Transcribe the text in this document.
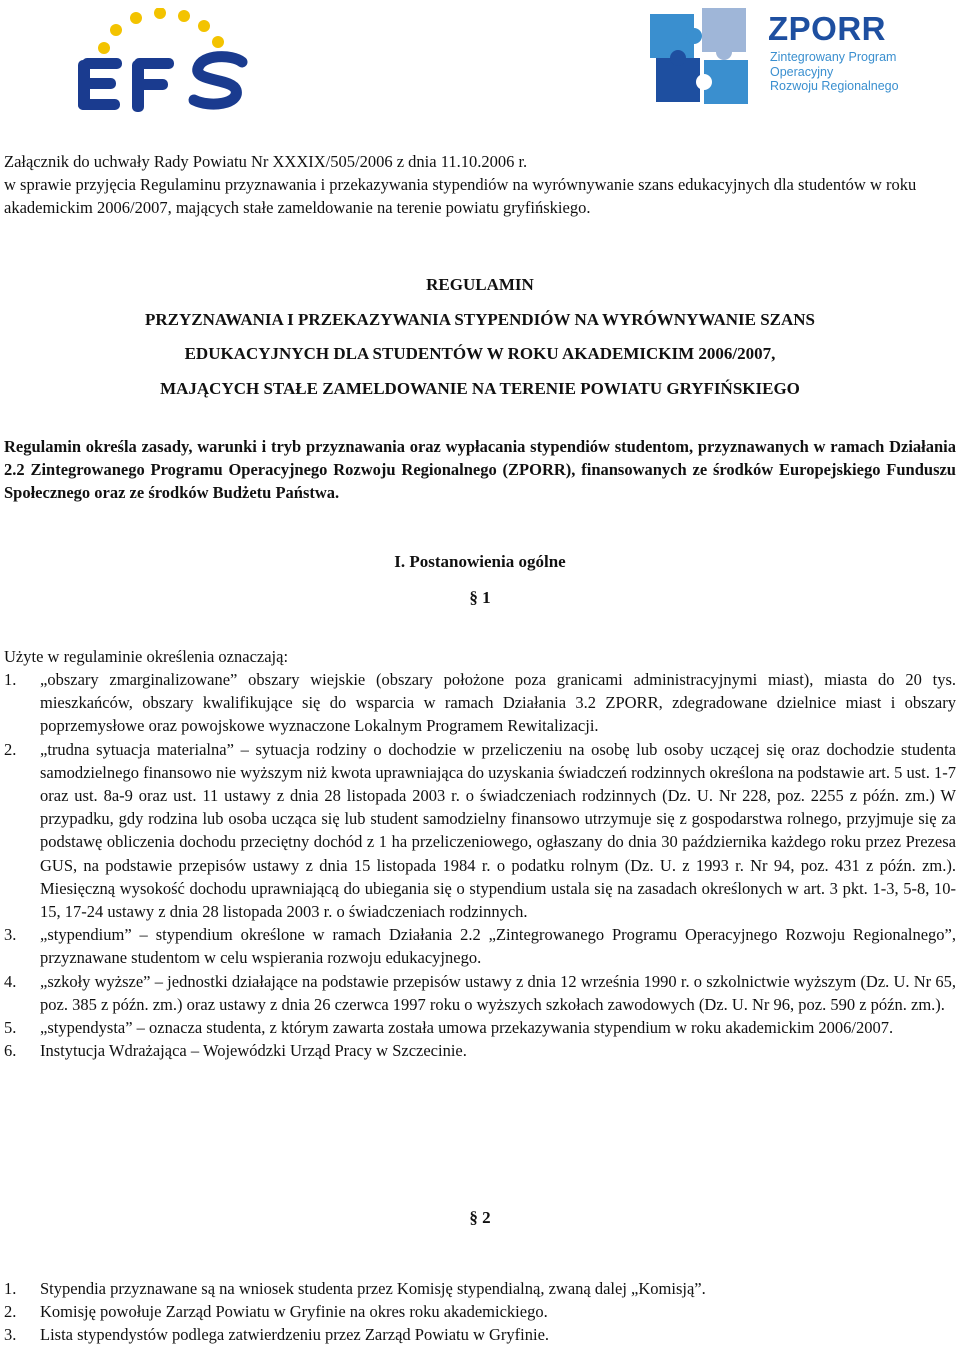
ZPORR
Zintegrowany Program
Operacyjny
Rozwoju Regionalnego

Załącznik do uchwały Rady Powiatu Nr XXXIX/505/2006 z dnia 11.10.2006 r.

w sprawie przyjęcia Regulaminu przyznawania i przekazywania stypendiów na wyrównywanie szans edukacyjnych dla studentów w roku akademickim 2006/2007, mających stałe zameldowanie na terenie powiatu gryfińskiego.

REGULAMIN
PRZYZNAWANIA I PRZEKAZYWANIA STYPENDIÓW NA WYRÓWNYWANIE SZANS
EDUKACYJNYCH DLA STUDENTÓW W ROKU AKADEMICKIM 2006/2007,
MAJĄCYCH STAŁE ZAMELDOWANIE NA TERENIE POWIATU GRYFIŃSKIEGO
Regulamin określa zasady, warunki i tryb przyznawania oraz wypłacania stypendiów studentom, przyznawanych w ramach Działania 2.2 Zintegrowanego Programu Operacyjnego Rozwoju Regionalnego (ZPORR), finansowanych ze środków Europejskiego Funduszu Społecznego oraz ze środków Budżetu Państwa.
I. Postanowienia ogólne
§ 1
Użyte w regulaminie określenia oznaczają:
1. „obszary zmarginalizowane” obszary wiejskie (obszary położone poza granicami administracyjnymi miast), miasta do 20 tys. mieszkańców, obszary kwalifikujące się do wsparcia w ramach Działania 3.2 ZPORR, zdegradowane dzielnice miast i obszary poprzemysłowe oraz powojskowe wyznaczone Lokalnym Programem Rewitalizacji.
2. „trudna sytuacja materialna” – sytuacja rodziny o dochodzie w przeliczeniu na osobę lub osoby uczącej się oraz dochodzie studenta samodzielnego finansowo nie wyższym niż kwota uprawniająca do uzyskania świadczeń rodzinnych określona na podstawie art. 5 ust. 1-7 oraz ust. 8a-9 oraz ust. 11 ustawy z dnia 28 listopada 2003 r. o świadczeniach rodzinnych (Dz. U. Nr 228, poz. 2255 z późn. zm.) W przypadku, gdy rodzina lub osoba ucząca się lub student samodzielny finansowo utrzymuje się z gospodarstwa rolnego, przyjmuje się za podstawę obliczenia dochodu przeciętny dochód z 1 ha przeliczeniowego, ogłaszany do dnia 30 października każdego roku przez Prezesa GUS, na podstawie przepisów ustawy z dnia 15 listopada 1984 r. o podatku rolnym (Dz. U. z 1993 r. Nr 94, poz. 431 z późn. zm.). Miesięczną wysokość dochodu uprawniającą do ubiegania się o stypendium ustala się na zasadach określonych w art. 3 pkt. 1-3, 5-8, 10-15, 17-24 ustawy z dnia 28 listopada 2003 r. o świadczeniach rodzinnych.
3. „stypendium” – stypendium określone w ramach Działania 2.2 „Zintegrowanego Programu Operacyjnego Rozwoju Regionalnego”, przyznawane studentom w celu wspierania rozwoju edukacyjnego.
4. „szkoły wyższe” – jednostki działające na podstawie przepisów ustawy z dnia 12 września 1990 r. o szkolnictwie wyższym (Dz. U. Nr 65, poz. 385 z późn. zm.) oraz ustawy z dnia 26 czerwca 1997 roku o wyższych szkołach zawodowych (Dz. U. Nr 96, poz. 590 z późn. zm.).
5. „stypendysta” – oznacza studenta, z którym zawarta została umowa przekazywania stypendium w roku akademickim 2006/2007.
6. Instytucja Wdrażająca – Wojewódzki Urząd Pracy w Szczecinie.
§ 2
1. Stypendia przyznawane są na wniosek studenta przez Komisję stypendialną, zwaną dalej „Komisją”.
2. Komisję powołuje Zarząd Powiatu w Gryfinie na okres roku akademickiego.
3. Lista stypendystów podlega zatwierdzeniu przez Zarząd Powiatu w Gryfinie.
